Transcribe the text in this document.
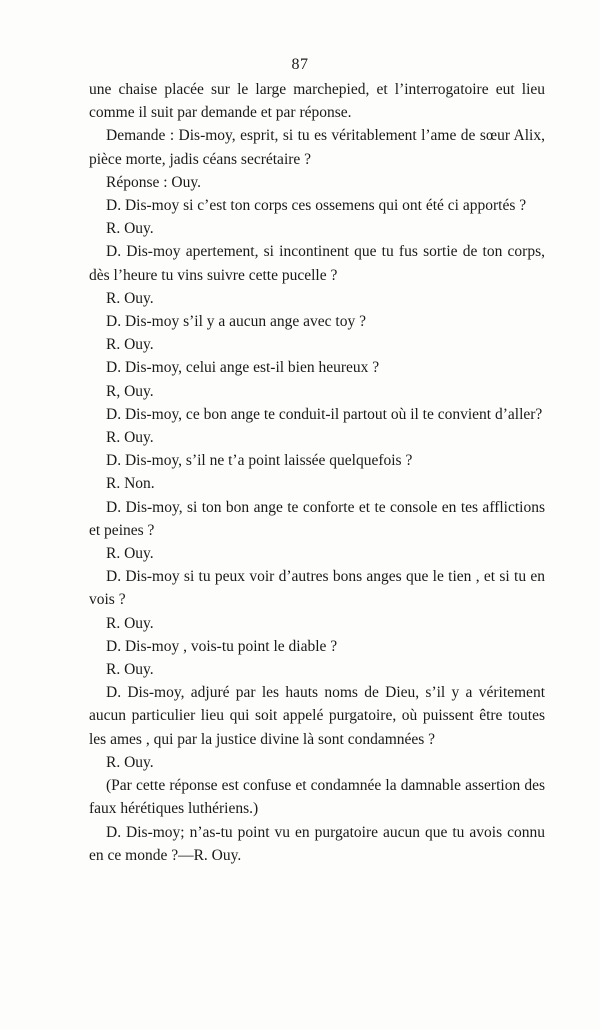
87

une chaise placée sur le large marchepied, et l’interrogatoire eut lieu comme il suit par demande et par réponse.

Demande : Dis-moy, esprit, si tu es véritablement l’ame de sœur Alix, pièce morte, jadis céans secrétaire ?

Réponse : Ouy.

D. Dis-moy si c’est ton corps ces ossemens qui ont été ci apportés ?

R. Ouy.

D. Dis-moy apertement, si incontinent que tu fus sortie de ton corps, dès l’heure tu vins suivre cette pucelle ?

R. Ouy.

D. Dis-moy s’il y a aucun ange avec toy ?

R. Ouy.

D. Dis-moy, celui ange est-il bien heureux ?

R, Ouy.

D. Dis-moy, ce bon ange te conduit-il partout où il te convient d’aller?

R. Ouy.

D. Dis-moy, s’il ne t’a point laissée quelquefois ?

R. Non.

D. Dis-moy, si ton bon ange te conforte et te console en tes afflictions et peines ?

R. Ouy.

D. Dis-moy si tu peux voir d’autres bons anges que le tien , et si tu en vois ?

R. Ouy.

D. Dis-moy , vois-tu point le diable ?

R. Ouy.

D. Dis-moy, adjuré par les hauts noms de Dieu, s’il y a véritement aucun particulier lieu qui soit appelé purgatoire, où puissent être toutes les ames , qui par la justice divine là sont condamnées ?

R. Ouy.

(Par cette réponse est confuse et condamnée la damnable assertion des faux hérétiques luthériens.)

D. Dis-moy; n’as-tu point vu en purgatoire aucun que tu avois connu en ce monde ?—R. Ouy.
